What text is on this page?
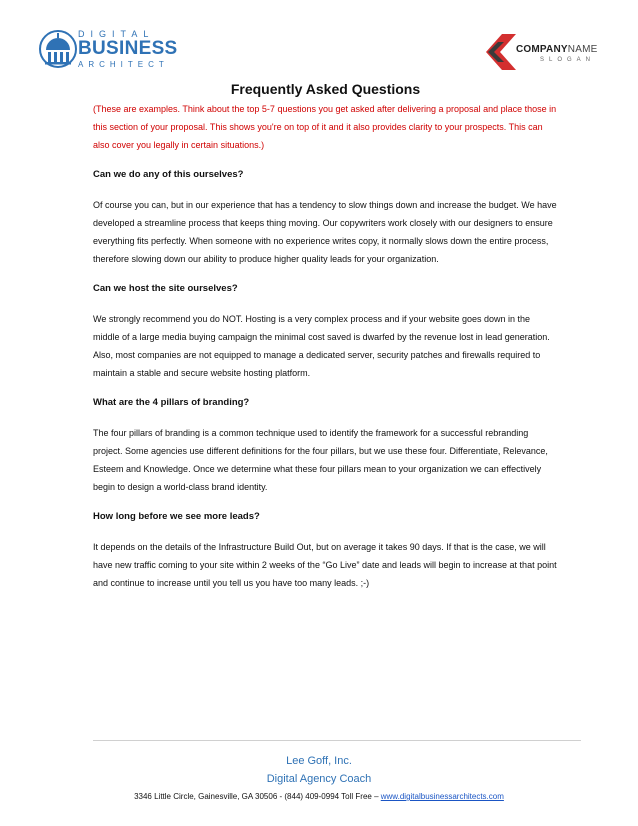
DIGITAL
BUSINESS
ARCHITECT
COMPANYNAME
SLOGAN
Frequently Asked Questions

(These are examples. Think about the top 5-7 questions you get asked after delivering a proposal and place those in this section of your proposal. This shows you're on top of it and it also provides clarity to your prospects. This can also cover you legally in certain situations.)

Can we do any of this ourselves?

Of course you can, but in our experience that has a tendency to slow things down and increase the budget. We have developed a streamline process that keeps thing moving. Our copywriters work closely with our designers to ensure everything fits perfectly. When someone with no experience writes copy, it normally slows down the entire process, therefore slowing down our ability to produce higher quality leads for your organization.

Can we host the site ourselves?

We strongly recommend you do NOT. Hosting is a very complex process and if your website goes down in the middle of a large media buying campaign the minimal cost saved is dwarfed by the revenue lost in lead generation. Also, most companies are not equipped to manage a dedicated server, security patches and firewalls required to maintain a stable and secure website hosting platform.

What are the 4 pillars of branding?

The four pillars of branding is a common technique used to identify the framework for a successful rebranding project. Some agencies use different definitions for the four pillars, but we use these four. Differentiate, Relevance, Esteem and Knowledge. Once we determine what these four pillars mean to your organization we can effectively begin to design a world-class brand identity.

How long before we see more leads?

It depends on the details of the Infrastructure Build Out, but on average it takes 90 days. If that is the case, we will have new traffic coming to your site within 2 weeks of the “Go Live” date and leads will begin to increase at that point and continue to increase until you tell us you have too many leads. ;-)

Lee Goff, Inc.
Digital Agency Coach
3346 Little Circle, Gainesville, GA 30506 - (844) 409-0994 Toll Free – www.digitalbusinessarchitects.com
